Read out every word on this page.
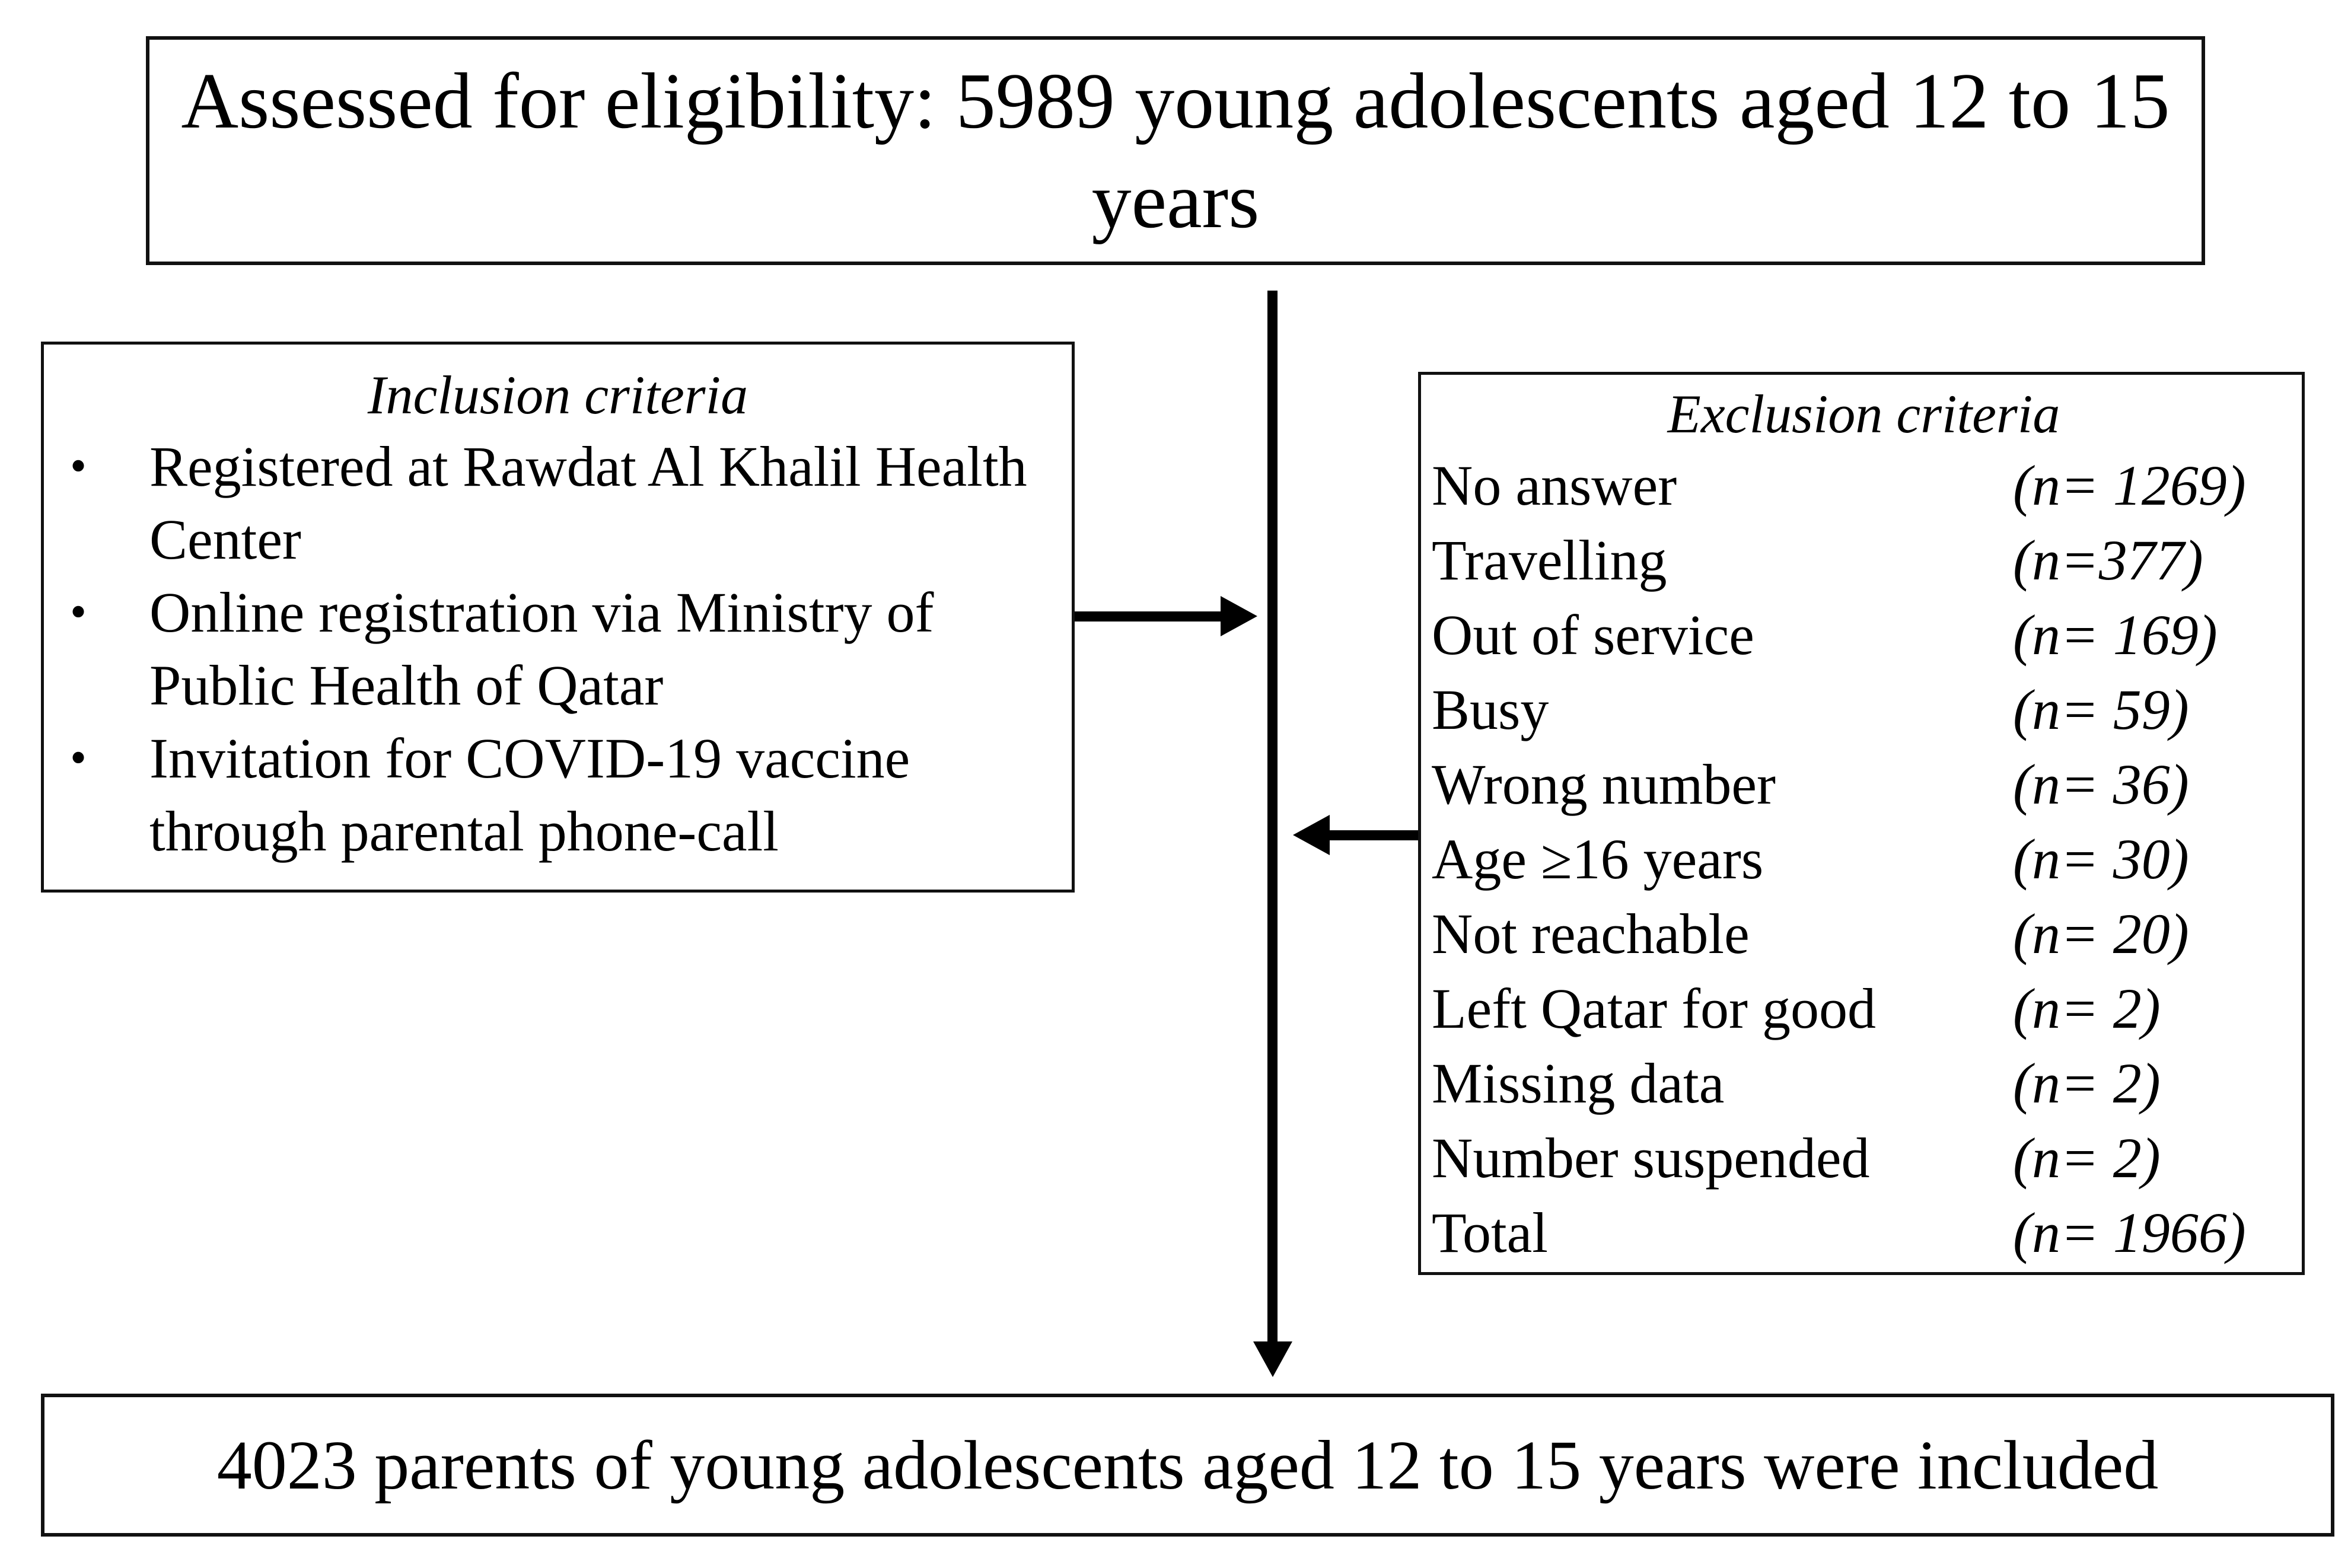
Assessed for eligibility: 5989 young adolescents aged 12 to 15 years
Inclusion criteria
• Registered at Rawdat Al Khalil Health Center
• Online registration via Ministry of Public Health of Qatar
• Invitation for COVID-19 vaccine through parental phone-call
Exclusion criteria
No answer	(n= 1269)
Travelling	(n=377)
Out of service	(n= 169)
Busy	(n= 59)
Wrong number	(n= 36)
Age ≥16 years	(n= 30)
Not reachable	(n= 20)
Left Qatar for good	(n= 2)
Missing data	(n= 2)
Number suspended	(n= 2)
Total	(n= 1966)
4023 parents of young adolescents aged 12 to 15 years were included
